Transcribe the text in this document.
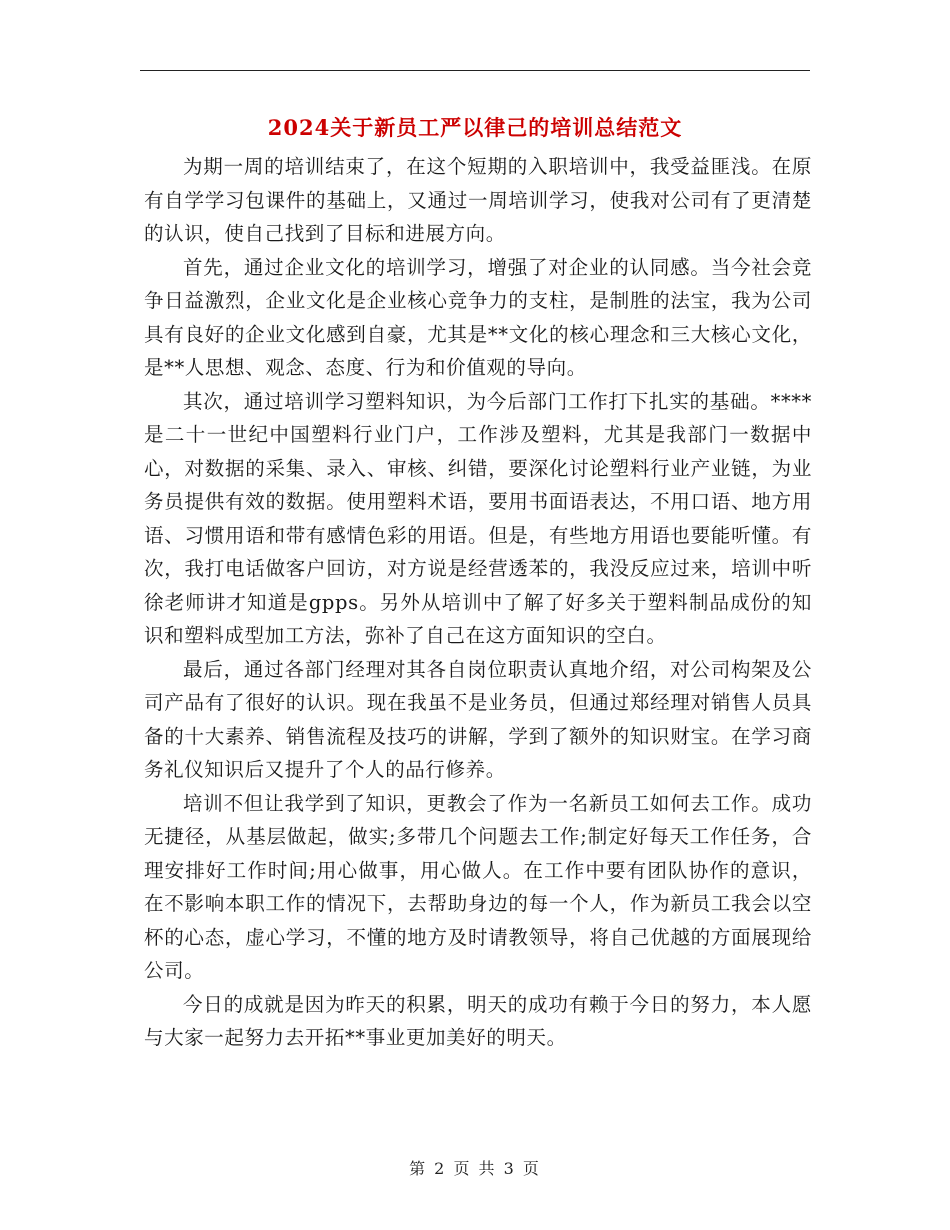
2024关于新员工严以律己的培训总结范文

为期一周的培训结束了，在这个短期的入职培训中，我受益匪浅。在原有自学学习包课件的基础上，又通过一周培训学习，使我对公司有了更清楚的认识，使自己找到了目标和进展方向。

首先，通过企业文化的培训学习，增强了对企业的认同感。当今社会竞争日益激烈，企业文化是企业核心竞争力的支柱，是制胜的法宝，我为公司具有良好的企业文化感到自豪，尤其是**文化的核心理念和三大核心文化，是**人思想、观念、态度、行为和价值观的导向。

其次，通过培训学习塑料知识，为今后部门工作打下扎实的基础。****是二十一世纪中国塑料行业门户，工作涉及塑料，尤其是我部门一数据中心，对数据的采集、录入、审核、纠错，要深化讨论塑料行业产业链，为业务员提供有效的数据。使用塑料术语，要用书面语表达，不用口语、地方用语、习惯用语和带有感情色彩的用语。但是，有些地方用语也要能听懂。有次，我打电话做客户回访，对方说是经营透苯的，我没反应过来，培训中听徐老师讲才知道是gpps。另外从培训中了解了好多关于塑料制品成份的知识和塑料成型加工方法，弥补了自己在这方面知识的空白。

最后，通过各部门经理对其各自岗位职责认真地介绍，对公司构架及公司产品有了很好的认识。现在我虽不是业务员，但通过郑经理对销售人员具备的十大素养、销售流程及技巧的讲解，学到了额外的知识财宝。在学习商务礼仪知识后又提升了个人的品行修养。

培训不但让我学到了知识，更教会了作为一名新员工如何去工作。成功无捷径，从基层做起，做实;多带几个问题去工作;制定好每天工作任务，合理安排好工作时间;用心做事，用心做人。在工作中要有团队协作的意识，在不影响本职工作的情况下，去帮助身边的每一个人，作为新员工我会以空杯的心态，虚心学习，不懂的地方及时请教领导，将自己优越的方面展现给公司。

今日的成就是因为昨天的积累，明天的成功有赖于今日的努力，本人愿与大家一起努力去开拓**事业更加美好的明天。

第 2 页 共 3 页
